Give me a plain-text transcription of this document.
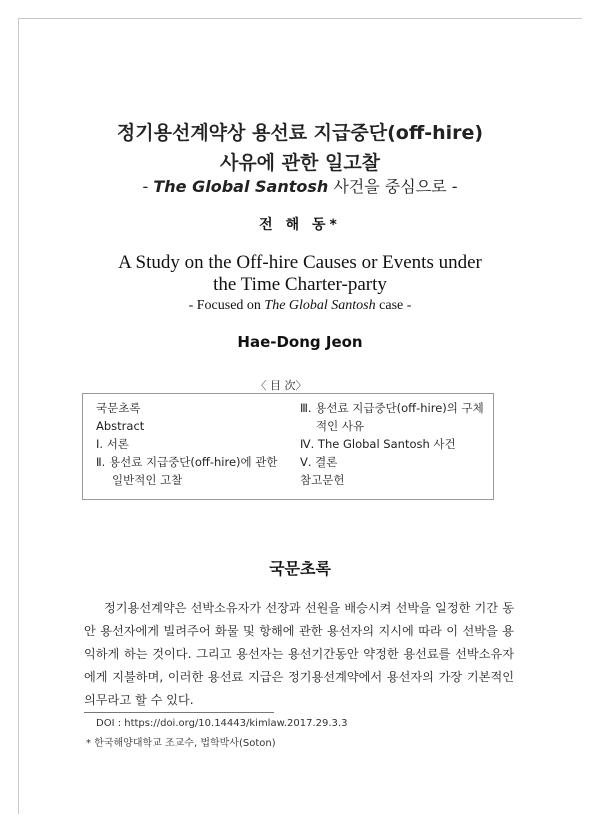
정기용선계약상 용선료 지급중단(off-hire)
사유에 관한 일고찰
- The Global Santosh 사건을 중심으로 -
전 해 동*
A Study on the Off-hire Causes or Events under
the Time Charter-party
- Focused on The Global Santosh case -
Hae-Dong Jeon
〈 目 次〉
국문초록
Abstract
Ⅰ. 서론
Ⅱ. 용선료 지급중단(off-hire)에 관한
일반적인 고찰
Ⅲ. 용선료 지급중단(off-hire)의 구체
적인 사유
Ⅳ. The Global Santosh 사건
Ⅴ. 결론
참고문헌
국문초록

정기용선계약은 선박소유자가 선장과 선원을 배승시켜 선박을 일정한 기간 동안 용선자에게 빌려주어 화물 및 항해에 관한 용선자의 지시에 따라 이 선박을 용익하게 하는 것이다. 그리고 용선자는 용선기간동안 약정한 용선료를 선박소유자에게 지불하며, 이러한 용선료 지급은 정기용선계약에서 용선자의 가장 기본적인 의무라고 할 수 있다.

DOI : https://doi.org/10.14443/kimlaw.2017.29.3.3
* 한국해양대학교 조교수, 법학박사(Soton)
